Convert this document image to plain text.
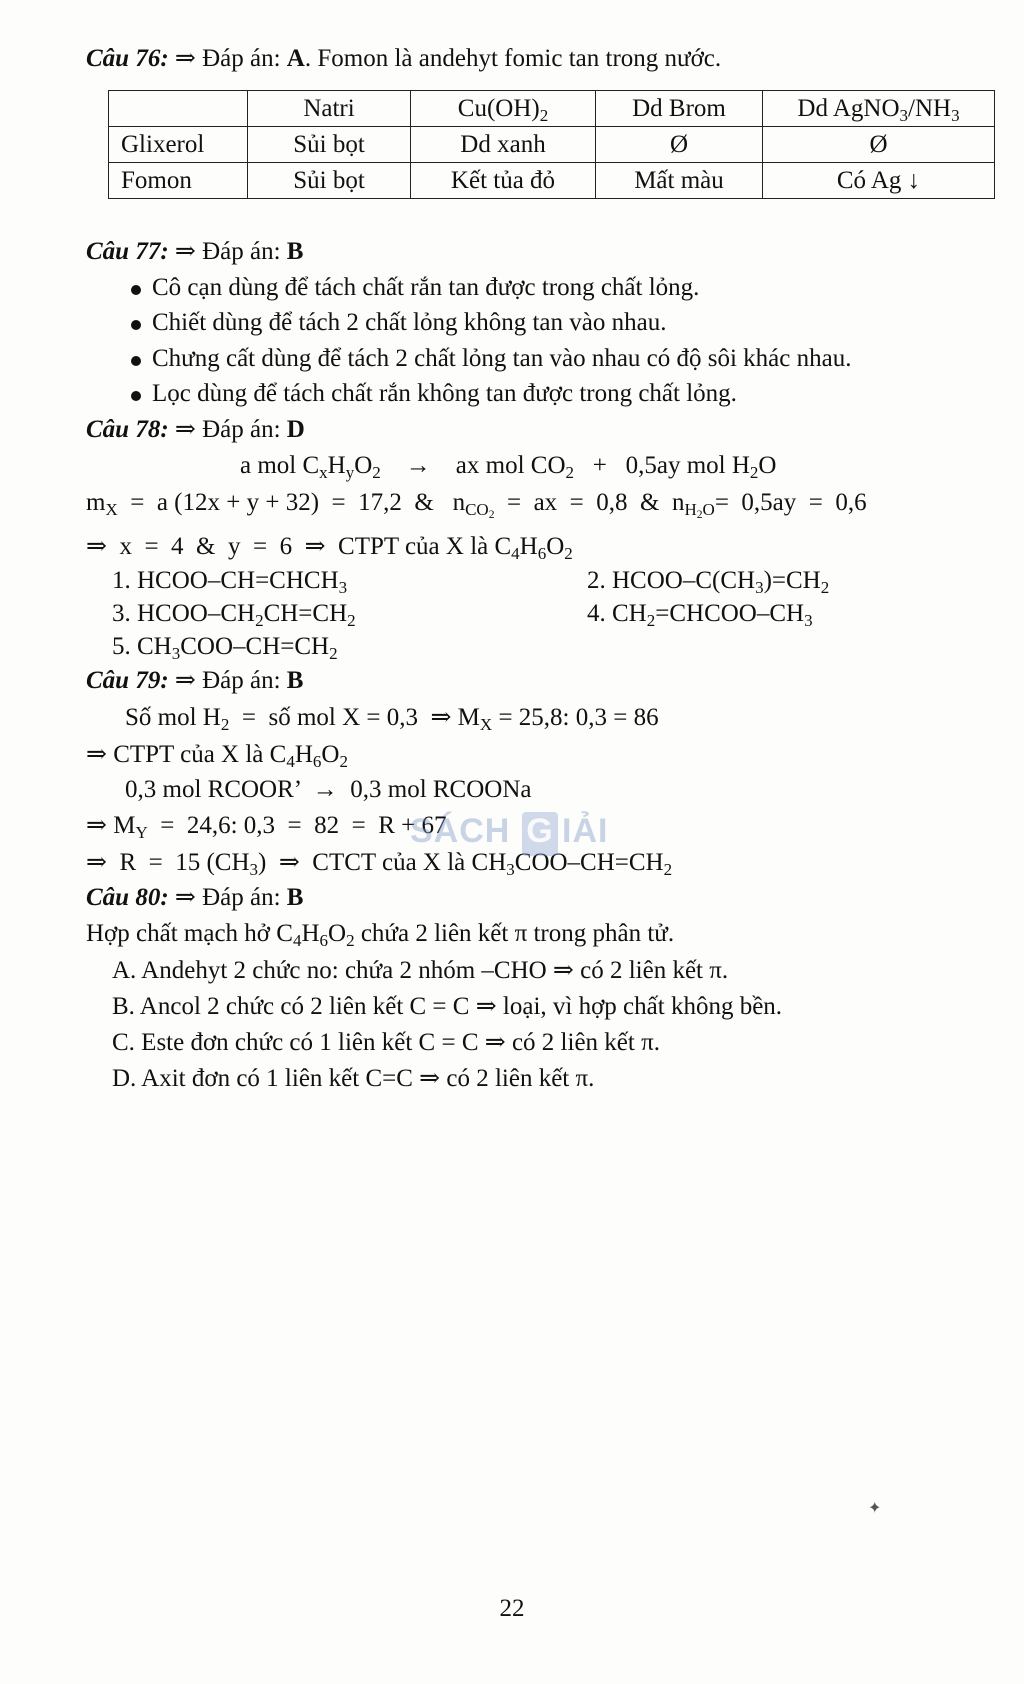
Câu 76: ⇒ Đáp án: A. Fomon là andehyt fomic tan trong nước.
	Natri	$Cu(OH)_2$	Dd Brom	Dd $AgNO_3/NH_3$
Glixerol	Sủi bọt	Dd xanh	Ø	Ø
Fomon	Sủi bọt	Kết tủa đỏ	Mất màu	Có Ag ↓
Câu 77: ⇒ Đáp án: B
Cô cạn dùng để tách chất rắn tan được trong chất lỏng.
Chiết dùng để tách 2 chất lỏng không tan vào nhau.
Chưng cất dùng để tách 2 chất lỏng tan vào nhau có độ sôi khác nhau.
Lọc dùng để tách chất rắn không tan được trong chất lỏng.
Câu 78: ⇒ Đáp án: D
a mol $C_xH_yO_2$    →    ax mol $CO_2 + 0,5ay$ mol $H_2O$
$m_X = a$ (12x + y + 32)  =  17,2  &   $n_{CO_2}$  =  ax  =  0,8  &  $n_{H_2O}= 0,5ay = 0,6$
⇒  x  =  4  &  y  =  6  ⇒  CTPT của X là $C_4H_6O_2$
1. HCOO–$CH=CHCH_3$	2. HCOO–$C(CH_3)=CH_2$
3. HCOO–$CH_2CH=CH_2$	4. $CH_2=CHCOO-CH_3$
5. $CH_3COO-CH=CH_2$
Câu 79: ⇒ Đáp án: B
Số mol $H_2$  =  số mol X = 0,3  ⇒ $M_X = 25,8$: 0,3 = 86
⇒ CTPT của X là $C_4H_6O_2$
0,3 mol RCOOR’  →  0,3 mol RCOONa
⇒ $M_Y = 24,6$: 0,3  =  82  =  R + 67
⇒  R  =  15 $(CH_3)$  ⇒  CTCT của X là $CH_3COO-CH=CH_2$
Câu 80: ⇒ Đáp án: B
Hợp chất mạch hở $C_4H_6O_2$ chứa 2 liên kết π trong phân tử.
A. Andehyt 2 chức no: chứa 2 nhóm –CHO ⇒ có 2 liên kết π.
B. Ancol 2 chức có 2 liên kết C = C ⇒ loại, vì hợp chất không bền.
C. Este đơn chức có 1 liên kết C = C ⇒ có 2 liên kết π.
D. Axit đơn có 1 liên kết C=C ⇒ có 2 liên kết π.
SÁCH G IẢI
✦
22
